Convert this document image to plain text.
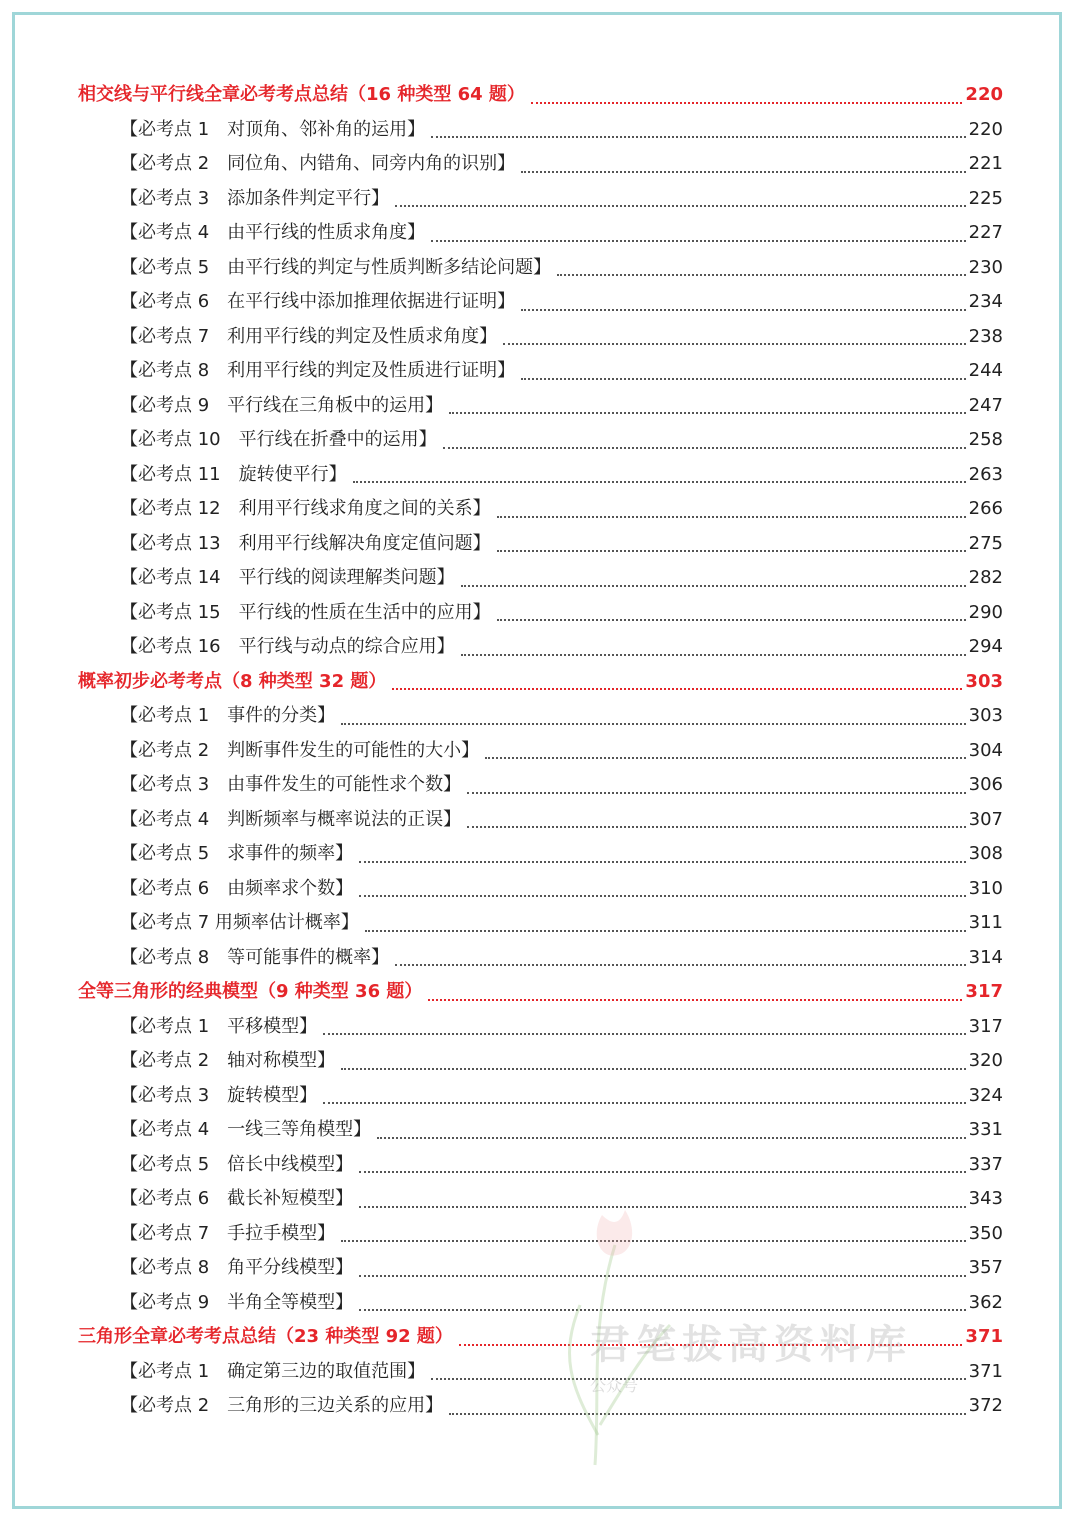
相交线与平行线全章必考考点总结（16 种类型 64 题）	220
【必考点 1　对顶角、邻补角的运用】	220
【必考点 2　同位角、内错角、同旁内角的识别】	221
【必考点 3　添加条件判定平行】	225
【必考点 4　由平行线的性质求角度】	227
【必考点 5　由平行线的判定与性质判断多结论问题】	230
【必考点 6　在平行线中添加推理依据进行证明】	234
【必考点 7　利用平行线的判定及性质求角度】	238
【必考点 8　利用平行线的判定及性质进行证明】	244
【必考点 9　平行线在三角板中的运用】	247
【必考点 10　平行线在折叠中的运用】	258
【必考点 11　旋转使平行】	263
【必考点 12　利用平行线求角度之间的关系】	266
【必考点 13　利用平行线解决角度定值问题】	275
【必考点 14　平行线的阅读理解类问题】	282
【必考点 15　平行线的性质在生活中的应用】	290
【必考点 16　平行线与动点的综合应用】	294
概率初步必考考点（8 种类型 32 题）	303
【必考点 1　事件的分类】	303
【必考点 2　判断事件发生的可能性的大小】	304
【必考点 3　由事件发生的可能性求个数】	306
【必考点 4　判断频率与概率说法的正误】	307
【必考点 5　求事件的频率】	308
【必考点 6　由频率求个数】	310
【必考点 7 用频率估计概率】	311
【必考点 8　等可能事件的概率】	314
全等三角形的经典模型（9 种类型 36 题）	317
【必考点 1　平移模型】	317
【必考点 2　轴对称模型】	320
【必考点 3　旋转模型】	324
【必考点 4　一线三等角模型】	331
【必考点 5　倍长中线模型】	337
【必考点 6　截长补短模型】	343
【必考点 7　手拉手模型】	350
【必考点 8　角平分线模型】	357
【必考点 9　半角全等模型】	362
三角形全章必考考点总结（23 种类型 92 题）	371
【必考点 1　确定第三边的取值范围】	371
【必考点 2　三角形的三边关系的应用】	372
君笔拔高资料库
公众号
